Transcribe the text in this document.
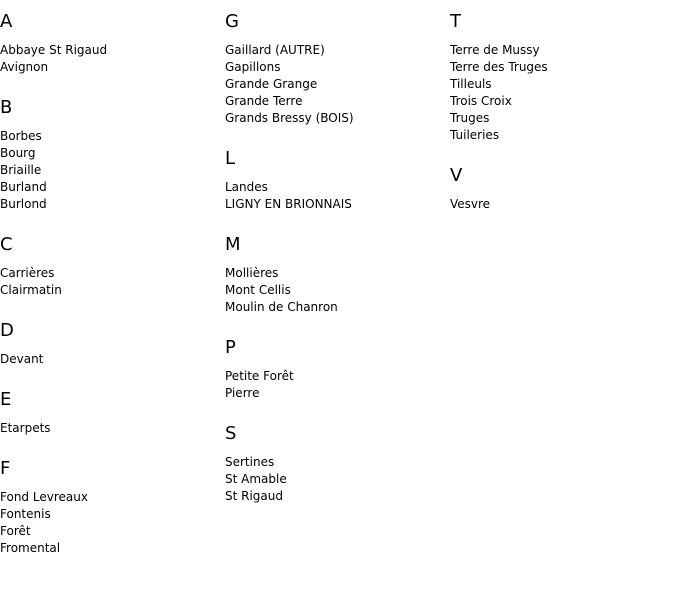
A
Abbaye St Rigaud
Avignon
B
Borbes
Bourg
Briaille
Burland
Burlond
C
Carrières
Clairmatin
D
Devant
E
Etarpets
F
Fond Levreaux
Fontenis
Forêt
Fromental
G
Gaillard (AUTRE)
Gapillons
Grande Grange
Grande Terre
Grands Bressy (BOIS)
L
Landes
LIGNY EN BRIONNAIS
M
Mollières
Mont Cellis
Moulin de Chanron
P
Petite Forêt
Pierre
S
Sertines
St Amable
St Rigaud
T
Terre de Mussy
Terre des Truges
Tilleuls
Trois Croix
Truges
Tuileries
V
Vesvre
